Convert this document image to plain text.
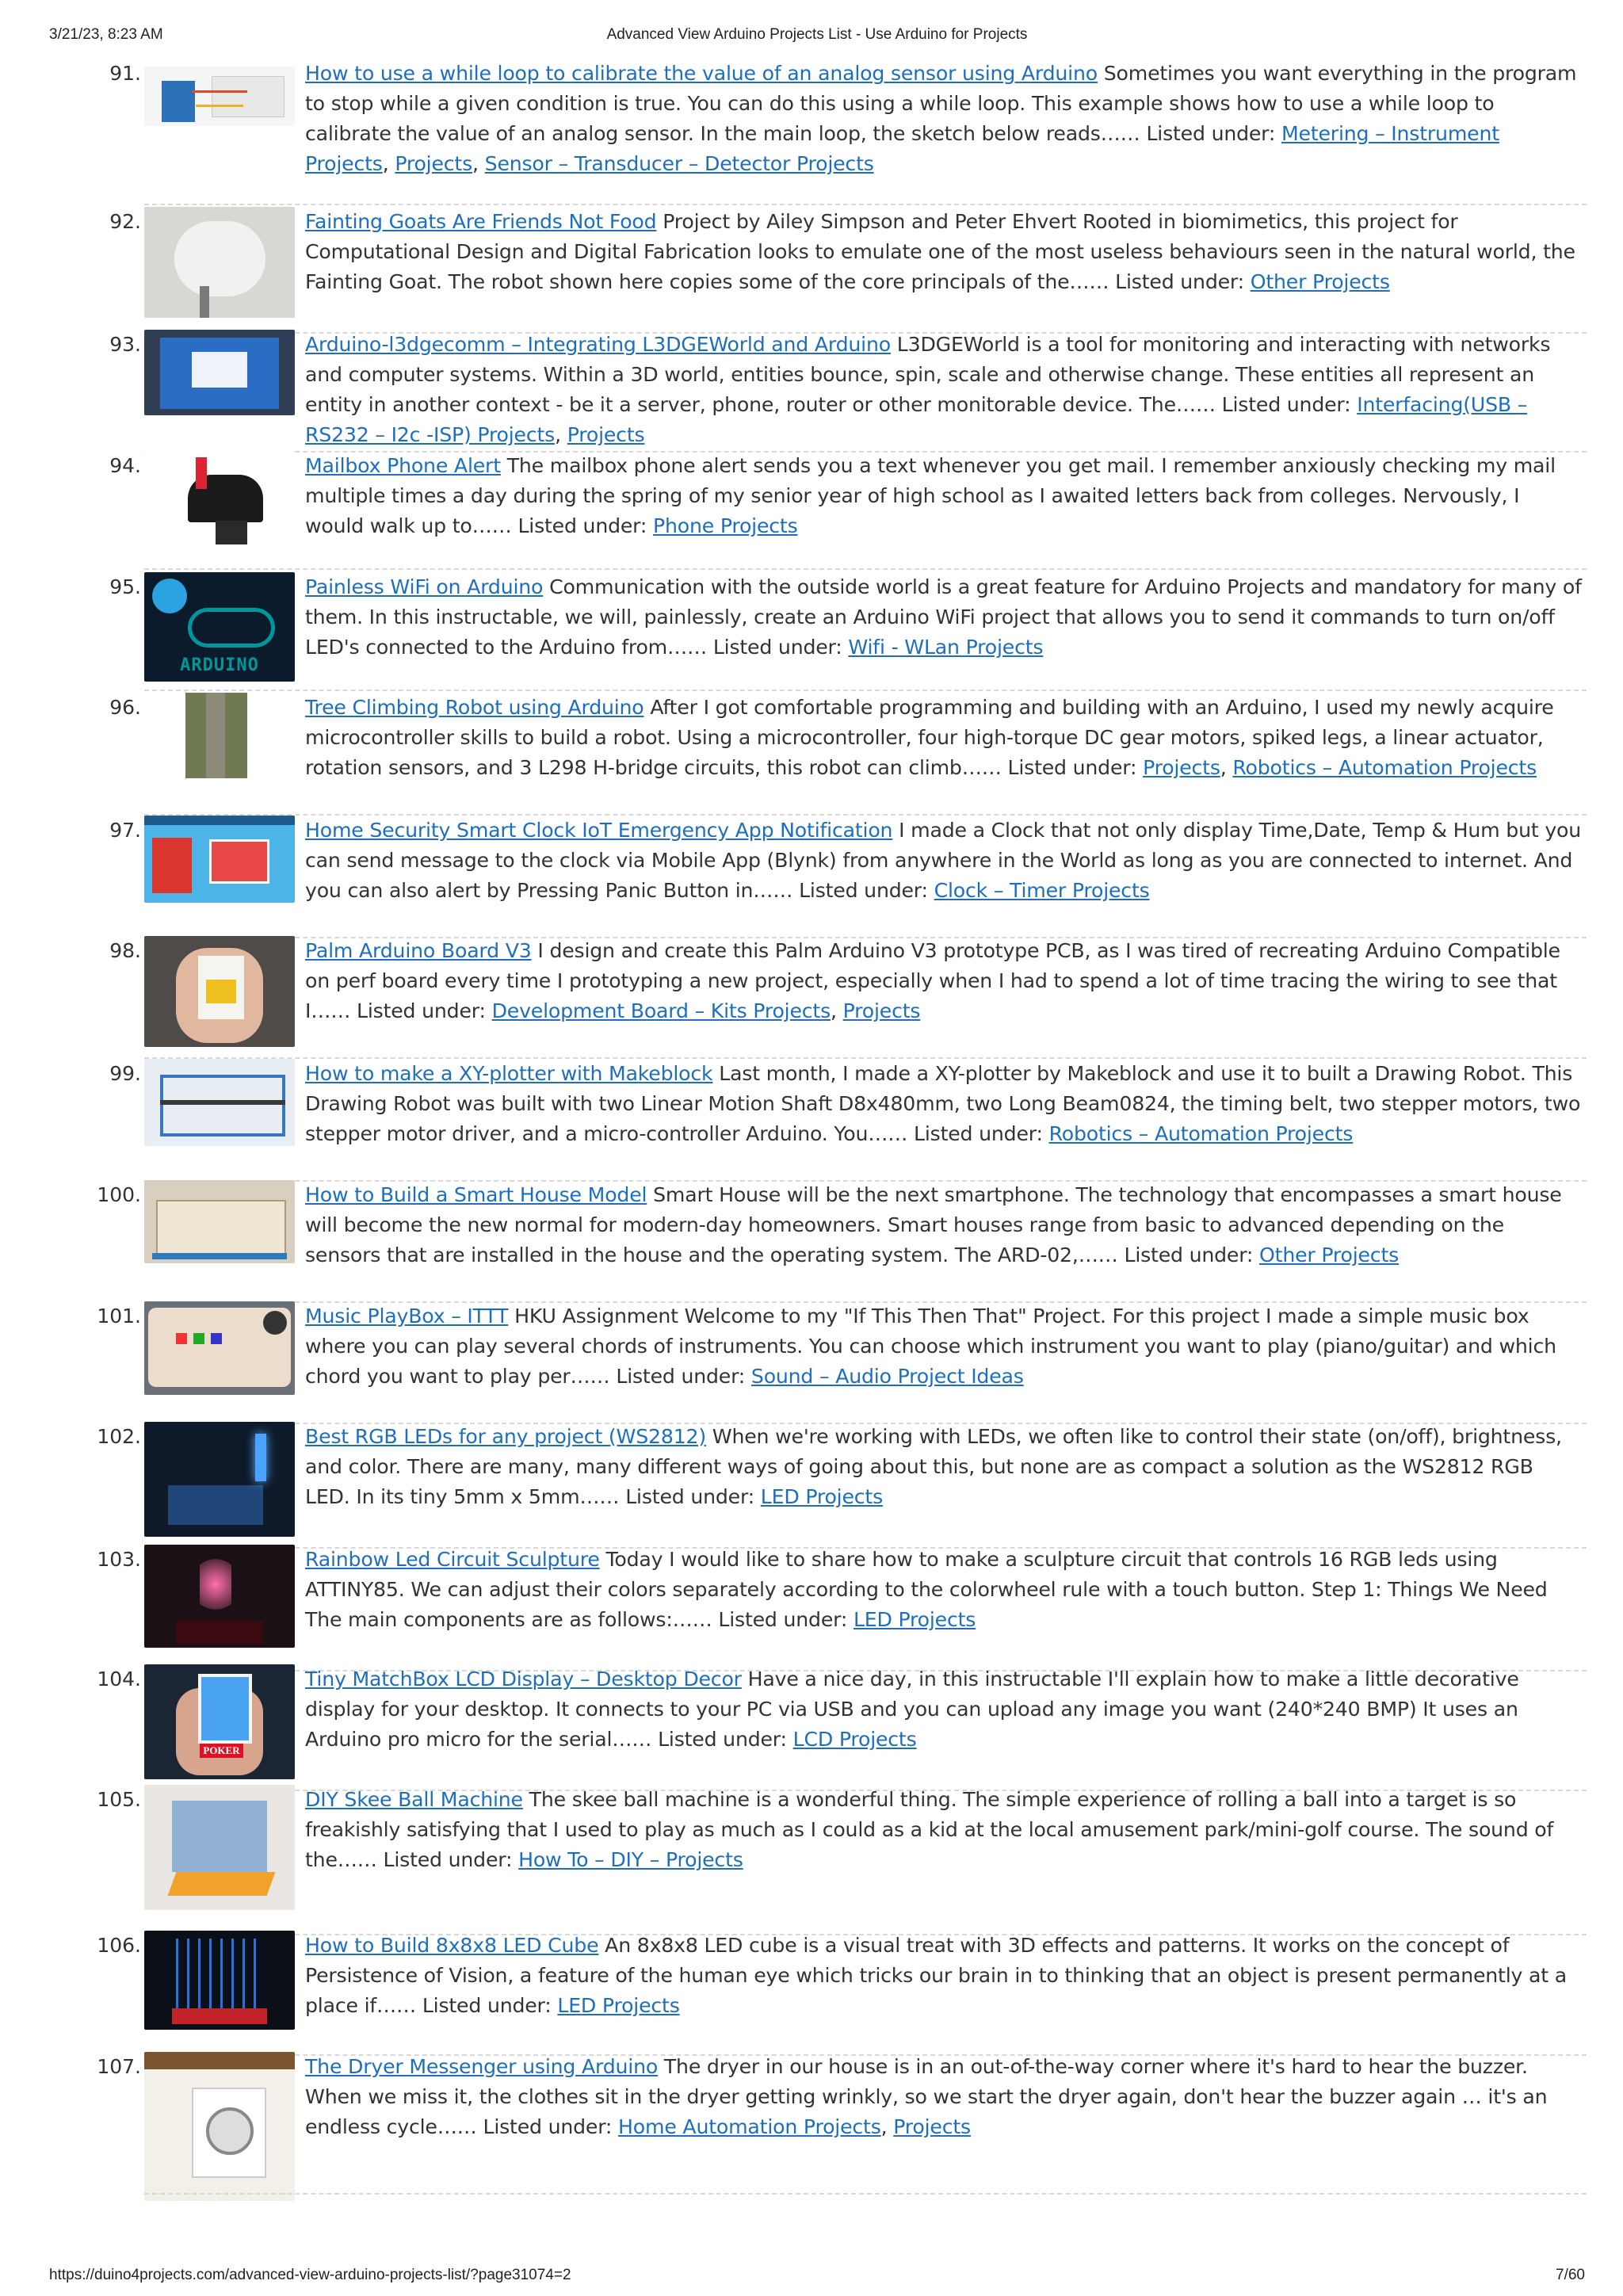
3/21/23, 8:23 AM	Advanced View Arduino Projects List - Use Arduino for Projects
91.	How to use a while loop to calibrate the value of an analog sensor using Arduino Sometimes you want everything in the program to stop while a given condition is true. You can do this using a while loop. This example shows how to use a while loop to calibrate the value of an analog sensor. In the main loop, the sketch below reads…… Listed under: Metering – Instrument Projects, Projects, Sensor – Transducer – Detector Projects
92.	Fainting Goats Are Friends Not Food Project by Ailey Simpson and Peter Ehvert Rooted in biomimetics, this project for Computational Design and Digital Fabrication looks to emulate one of the most useless behaviours seen in the natural world, the Fainting Goat. The robot shown here copies some of the core principals of the…… Listed under: Other Projects
93.	Arduino-l3dgecomm – Integrating L3DGEWorld and Arduino L3DGEWorld is a tool for monitoring and interacting with networks and computer systems. Within a 3D world, entities bounce, spin, scale and otherwise change. These entities all represent an entity in another context - be it a server, phone, router or other monitorable device. The…… Listed under: Interfacing(USB – RS232 – I2c -ISP) Projects, Projects
94.	Mailbox Phone Alert The mailbox phone alert sends you a text whenever you get mail. I remember anxiously checking my mail multiple times a day during the spring of my senior year of high school as I awaited letters back from colleges. Nervously, I would walk up to…… Listed under: Phone Projects
95.
ARDUINO
Painless WiFi on Arduino Communication with the outside world is a great feature for Arduino Projects and mandatory for many of them. In this instructable, we will, painlessly, create an Arduino WiFi project that allows you to send it commands to turn on/off LED's connected to the Arduino from…… Listed under: Wifi - WLan Projects
96.	Tree Climbing Robot using Arduino After I got comfortable programming and building with an Arduino, I used my newly acquire microcontroller skills to build a robot. Using a microcontroller, four high-torque DC gear motors, spiked legs, a linear actuator, rotation sensors, and 3 L298 H-bridge circuits, this robot can climb…… Listed under: Projects, Robotics – Automation Projects
97.	Home Security Smart Clock IoT Emergency App Notification I made a Clock that not only display Time,Date, Temp & Hum but you can send message to the clock via Mobile App (Blynk) from anywhere in the World as long as you are connected to internet. And you can also alert by Pressing Panic Button in…… Listed under: Clock – Timer Projects
98.	Palm Arduino Board V3 I design and create this Palm Arduino V3 prototype PCB, as I was tired of recreating Arduino Compatible on perf board every time I prototyping a new project, especially when I had to spend a lot of time tracing the wiring to see that I…… Listed under: Development Board – Kits Projects, Projects
99.	How to make a XY-plotter with Makeblock Last month, I made a XY-plotter by Makeblock and use it to built a Drawing Robot. This Drawing Robot was built with two Linear Motion Shaft D8x480mm, two Long Beam0824, the timing belt, two stepper motors, two stepper motor driver, and a micro-controller Arduino. You…… Listed under: Robotics – Automation Projects
100.	How to Build a Smart House Model Smart House will be the next smartphone. The technology that encompasses a smart house will become the new normal for modern-day homeowners. Smart houses range from basic to advanced depending on the sensors that are installed in the house and the operating system. The ARD-02,…… Listed under: Other Projects
101.	Music PlayBox – ITTT HKU Assignment Welcome to my "If This Then That" Project. For this project I made a simple music box where you can play several chords of instruments. You can choose which instrument you want to play (piano/guitar) and which chord you want to play per…… Listed under: Sound – Audio Project Ideas
102.	Best RGB LEDs for any project (WS2812) When we're working with LEDs, we often like to control their state (on/off), brightness, and color. There are many, many different ways of going about this, but none are as compact a solution as the WS2812 RGB LED. In its tiny 5mm x 5mm…… Listed under: LED Projects
103.	Rainbow Led Circuit Sculpture Today I would like to share how to make a sculpture circuit that controls 16 RGB leds using ATTINY85. We can adjust their colors separately according to the colorwheel rule with a touch button. Step 1: Things We Need The main components are as follows:…… Listed under: LED Projects
104.
POKER
Tiny MatchBox LCD Display – Desktop Decor Have a nice day, in this instructable I'll explain how to make a little decorative display for your desktop. It connects to your PC via USB and you can upload any image you want (240*240 BMP) It uses an Arduino pro micro for the serial…… Listed under: LCD Projects
105.	DIY Skee Ball Machine The skee ball machine is a wonderful thing. The simple experience of rolling a ball into a target is so freakishly satisfying that I used to play as much as I could as a kid at the local amusement park/mini-golf course. The sound of the…… Listed under: How To – DIY – Projects
106.	How to Build 8x8x8 LED Cube An 8x8x8 LED cube is a visual treat with 3D effects and patterns. It works on the concept of Persistence of Vision, a feature of the human eye which tricks our brain in to thinking that an object is present permanently at a place if…… Listed under: LED Projects
107.	The Dryer Messenger using Arduino The dryer in our house is in an out-of-the-way corner where it's hard to hear the buzzer. When we miss it, the clothes sit in the dryer getting wrinkly, so we start the dryer again, don't hear the buzzer again … it's an endless cycle…… Listed under: Home Automation Projects, Projects
https://duino4projects.com/advanced-view-arduino-projects-list/?page31074=2	7/60
